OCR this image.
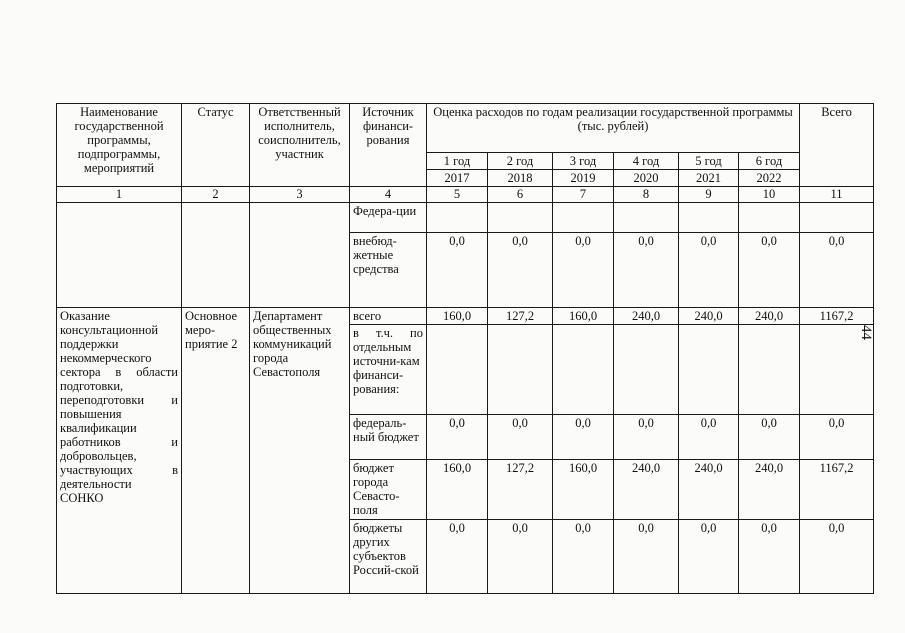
Наименование государственной программы, подпрограммы, мероприятий	Статус	Ответственный исполнитель, соисполнитель, участник	Источник финанси-рования	Оценка расходов по годам реализации государственной программы (тыс. рублей)						Всего
				1 год	2 год	3 год	4 год	5 год	6 год	
				2017	2018	2019	2020	2021	2022	
1	2	3	4	5	6	7	8	9	10	11
			Федера-ции							
			внебюд-жетные средства	0,0	0,0	0,0	0,0	0,0	0,0	0,0
Оказание консультационной поддержки некоммерческого сектора в области подготовки, переподготовки и повышения квалификации работников и добровольцев, участвующих в деятельности СОНКО	Основное меро-приятие 2	Департамент общественных коммуникаций города Севастополя	всего	160,0	127,2	160,0	240,0	240,0	240,0	1167,2
			в т.ч. по отдельным источни-кам финанси-рования:							
			федераль-ный бюджет	0,0	0,0	0,0	0,0	0,0	0,0	0,0
			бюджет города Севасто-поля	160,0	127,2	160,0	240,0	240,0	240,0	1167,2
			бюджеты других субъектов Россий-ской	0,0	0,0	0,0	0,0	0,0	0,0	0,0
44
